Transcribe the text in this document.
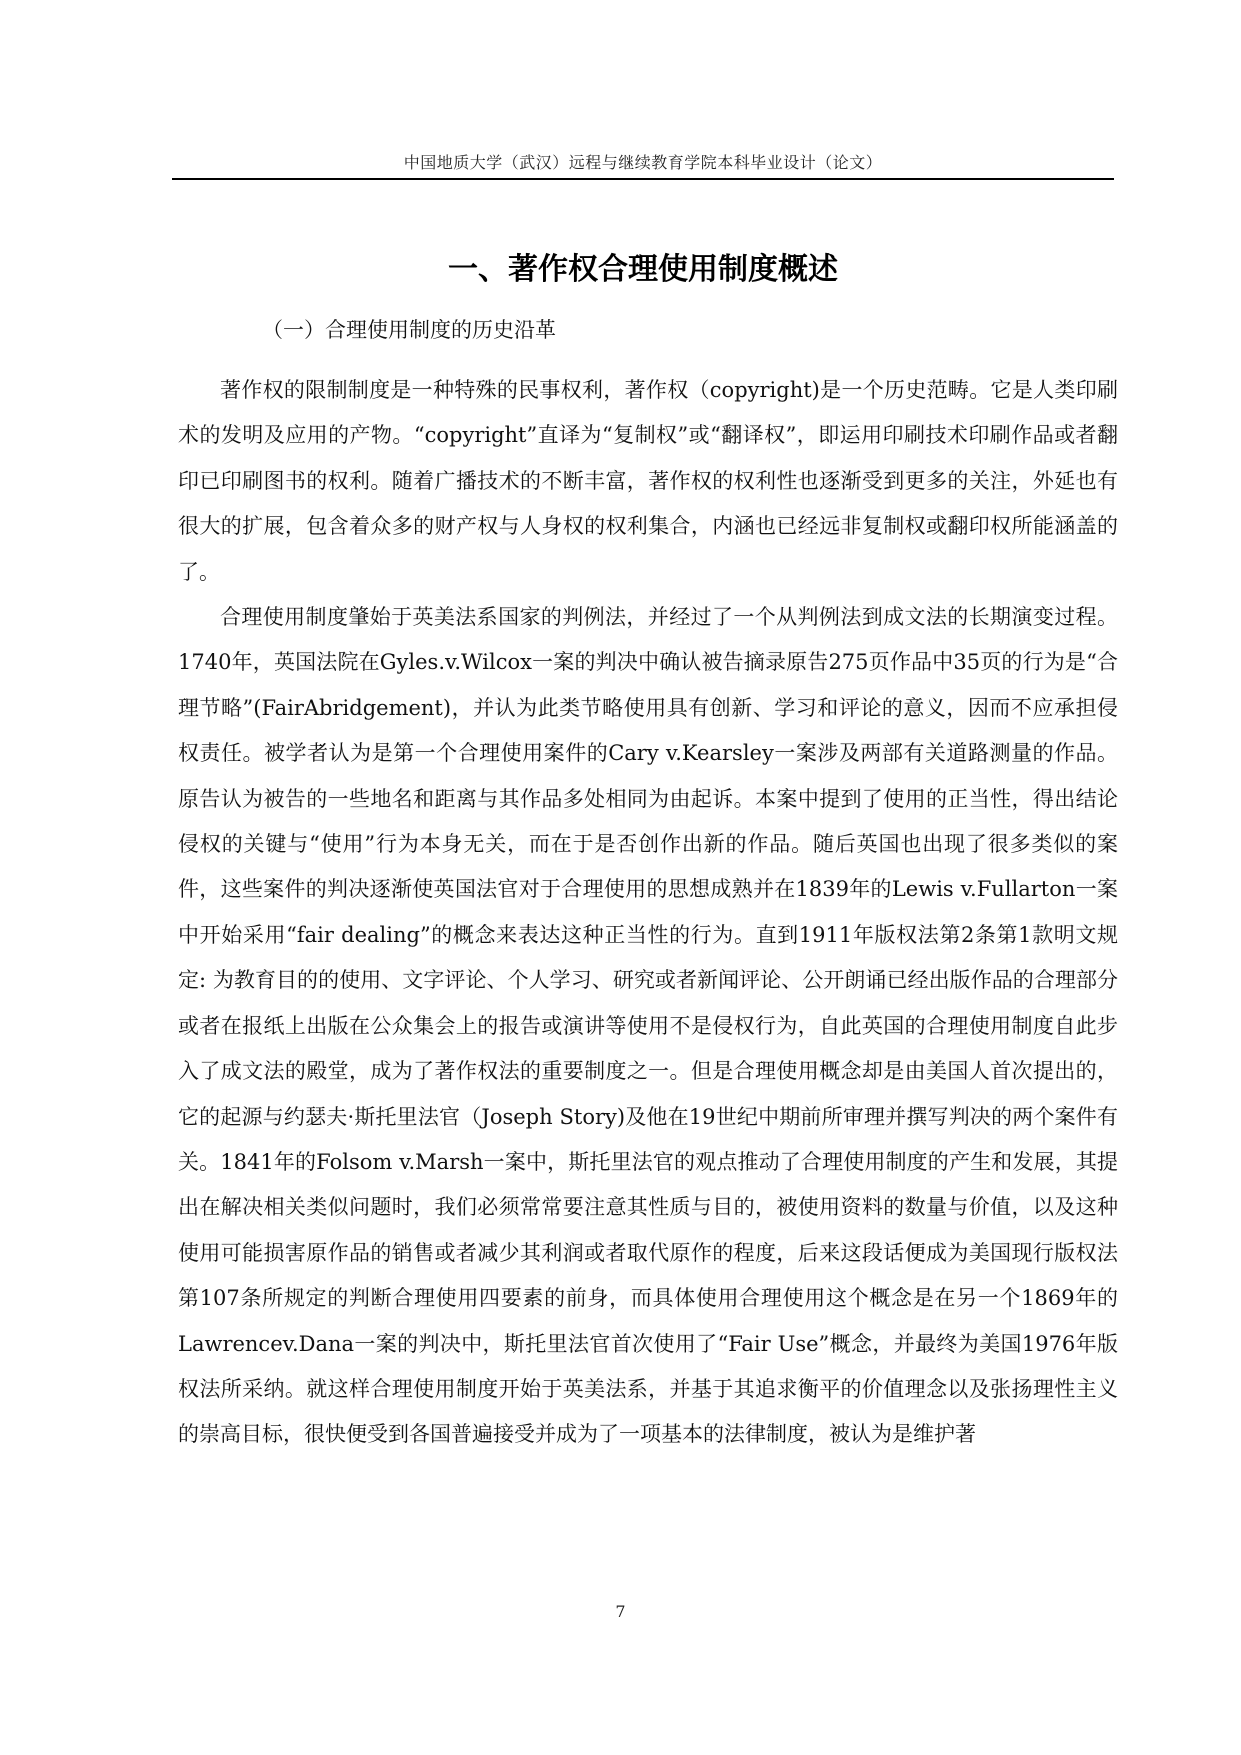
中国地质大学（武汉）远程与继续教育学院本科毕业设计（论文）
一、著作权合理使用制度概述
（一）合理使用制度的历史沿革

著作权的限制制度是一种特殊的民事权利，著作权（copyright)是一个历史范畴。它是人类印刷术的发明及应用的产物。“copyright”直译为“复制权”或“翻译权”，即运用印刷技术印刷作品或者翻印已印刷图书的权利。随着广播技术的不断丰富，著作权的权利性也逐渐受到更多的关注，外延也有很大的扩展，包含着众多的财产权与人身权的权利集合，内涵也已经远非复制权或翻印权所能涵盖的了。

合理使用制度肇始于英美法系国家的判例法，并经过了一个从判例法到成文法的长期演变过程。1740年，英国法院在Gyles.v.Wilcox一案的判决中确认被告摘录原告275页作品中35页的行为是“合理节略”(FairAbridgement)，并认为此类节略使用具有创新、学习和评论的意义，因而不应承担侵权责任。被学者认为是第一个合理使用案件的Cary v.Kearsley一案涉及两部有关道路测量的作品。原告认为被告的一些地名和距离与其作品多处相同为由起诉。本案中提到了使用的正当性，得出结论侵权的关键与“使用”行为本身无关，而在于是否创作出新的作品。随后英国也出现了很多类似的案件，这些案件的判决逐渐使英国法官对于合理使用的思想成熟并在1839年的Lewis v.Fullarton一案中开始采用“fair dealing”的概念来表达这种正当性的行为。直到1911年版权法第2条第1款明文规定: 为教育目的的使用、文字评论、个人学习、研究或者新闻评论、公开朗诵已经出版作品的合理部分或者在报纸上出版在公众集会上的报告或演讲等使用不是侵权行为，自此英国的合理使用制度自此步入了成文法的殿堂，成为了著作权法的重要制度之一。但是合理使用概念却是由美国人首次提出的，它的起源与约瑟夫·斯托里法官（Joseph Story)及他在19世纪中期前所审理并撰写判决的两个案件有关。1841年的Folsom v.Marsh一案中，斯托里法官的观点推动了合理使用制度的产生和发展，其提出在解决相关类似问题时，我们必须常常要注意其性质与目的，被使用资料的数量与价值，以及这种使用可能损害原作品的销售或者减少其利润或者取代原作的程度，后来这段话便成为美国现行版权法第107条所规定的判断合理使用四要素的前身，而具体使用合理使用这个概念是在另一个1869年的Lawrencev.Dana一案的判决中，斯托里法官首次使用了“Fair Use”概念，并最终为美国1976年版权法所采纳。就这样合理使用制度开始于英美法系，并基于其追求衡平的价值理念以及张扬理性主义的崇高目标，很快便受到各国普遍接受并成为了一项基本的法律制度，被认为是维护著

7
